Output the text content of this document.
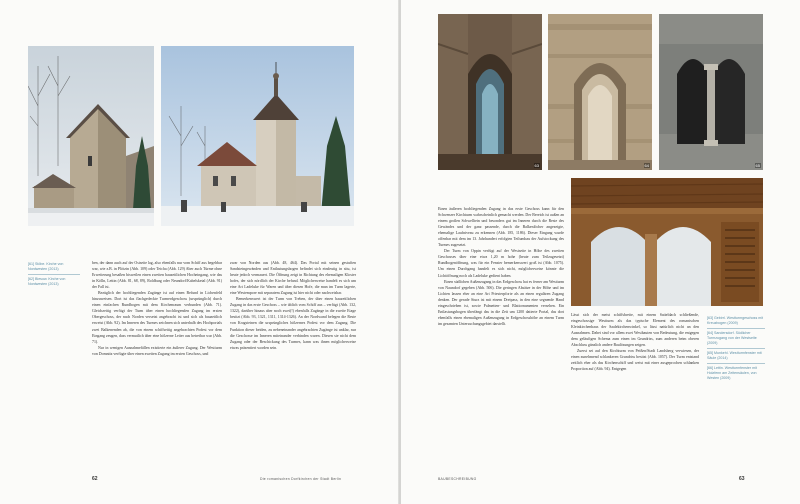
[61] Stöbe. Kirche von Nordwesten (2013)
[62] Biesow. Kirche von Nordwesten (2013)

ben, der dann auch auf der Ostseite lag, also ebenfalls nur vom Schiff aus begehbar war, wie z.B. in Plötzin (Abb. 109) oder Teicha (Abb. 129) Aber auch Türme ohne Erweiterung besaßen bisweilen einen zweiten bauzeitlichen Hocheingang, wie das in Kölln, Lettin (Abb. 81, 68, 89), Roldburg oder Neundorf/Kabelsketal (Abb. 91) der Fall ist.

Bezüglich der hochliegenden Zugänge ist auf einen Befund in Lichenfeld hinzuweisen. Dort ist das flachgedeckte Turmerdgeschoss (ursprünglich) durch einen einfachen Rundbogen mit dem Kirchenraum verbunden (Abb. 71). Gleichzeitig verfügt der Turm über einen hochliegenden Zugang im ersten Obergeschoss, der nach Norden versetzt angebracht ist und sich als bauzeitlich erweist (Abb. 92). Im Inneren des Turmes zeichnen sich unterhalb des Hochportals zwei Balkenenden ab, die von einem schiffseitig angebrachten Podest vor dem Eingang zeugen, dass vermutlich über eine hölzerne Leiter aus betretbar war (Abb. 71).

Nur in wenigen Ausnahmefällen existierte ein äußerer Zugang. Der Westturm von Domnitz verfügte über einen zweiten Zugang im ersten Geschoss, und

zwar von Norden aus (Abb. 48, 464). Das Portal mit seinen gestuften Sandsteingewänden und Entlastungsbogen befindet sich eindeutig in situ, ist heute jedoch vermauert. Die Öffnung zeigt in Richtung des ehemaligen Kloster hofes, der sich nördlich der Kirche befand. Möglicherweise handelt es sich um eine Art Ladeluke für Waren und über diesen Hofe, die man im Turm lagerte, eine Westempore mit separatem Zugang ist hier nicht oder nachweisbar.

Bemerkenswert ist der Turm von Treben, der über einen bauzeitlichen Zugang in das erste Geschoss – wie üblich vom Schiff aus – verfügt (Abb. 132, 1322), darüber hinaus aber noch zwei(!) ebenfalls Zugänge in die zweite Etage besitzt (Abb. 93, 1321, 1311, 1314-1326). An der Nordwand belegen die Reste von Kragsteinen die ursprüngliches hölzernes Podest vor dem Zugang. Die Funktion dieser beiden, zu nebeneinander angebrachten Zugänge ist unklar, nur die Geschosse im Inneren miteinander verbinden waren. Diesen sie nicht dem Zugang oder der Beschickung des Turmes, kann was ihnen möglicherweise etwas präsentiert worden sein.

62	Die romanischen Dorfkirchen der Stadt Berlin
63	64	65
[63] Gebirrl. Westturmgeschoss mit Kreuzbogen (2009)
[64] Sandersdorf. Südlicher Turmzugang von der Westseite (2009)
[65] Munkehl. Westturmfenster mit Säule (2014)
[66] Lettin. Westturmfenster mit Holzfenn am Zeitensäulen, von Westen (2009)

Einen äußeren hochliegenden Zugang in das erste Geschoss kann für den Schwenzer Kirchturm wahrscheinlich gemacht werden. Der Bereich ist außen an einem großen Schwelltein und besonders gut im Inneren durch die Reste des Gewändes und der ganz passende, durch die Balkenlöcher angezeigte, ehemalige Laufniveau zu erkennen (Abb. 185, 1186). Dieser Eingang wurde offenbar mit dem im 13. Jahrhundert erfolgten Teilumbau der Aufstockung des Turmes zugesetzt.

Der Turm von Oppin verfügt auf der Westseite in Höhe des zweiten Geschosses über eine etwa 1,20 m hohe (heute zum Teilzugesetzt) Rundbogenöffnung, was für ein Fenster bemerkenswert groß ist (Abb. 1075). Um einen Durchgang handelt es sich nicht, möglicherweise könnte die Lichtöffnung noch als Ladeluke gedient haben.

Einen südlichen Außenzugang in das Erdgeschoss hat es ferner am Westturm von Naundorf gegeben (Abb. 506). Die geringen Absätze in der Höhe und im Lichten lassen eher an eine Art Priesterpforte als an einen regulären Zugang denken. Der gerade Sturz ist mit einem Dreipass, in den eine segnende Hand eingeschrieben ist, sowie Palmetten- und Blattornamenten versehen. Ein Entlastungsbogen überfängt das in die Zeit um 1200 datierte Portal, das dort ebenfalls einen ehemaligen Außenzugang in Erdgeschosshöhe an einem Turm im gesamten Untersuchungsgebiet darstellt.

Lässt sich der meist schiffsbreite, mit einem Satteldach schließende, eingeschossige Westturm als das typische Element des romanischen Kleinkirchenbaus der Saalekirchenwinkel, so lässt natürlich nicht an den Ausnahmen. Dabei sind vor allem zwei Westbauten von Bedeutung, die entgegen dem geläufigen Schema zum einen im Grundriss, zum anderen beim oberen Abschluss gänzlich andere Baulösungen zeigen.

Zuerst sei auf den Kirchturm von Peißen/Stadt Landsberg verwiesen, der einen zunehmend schlankeren Grundriss besitzt (Abb. 1057). Der Turm entstand zeitlich eher als das Kirchenschiff und weist mit einer ausgeprochen schlanken Proportion auf (Abb. 94). Entgegen

BAUBESCHREIBUNG	63
